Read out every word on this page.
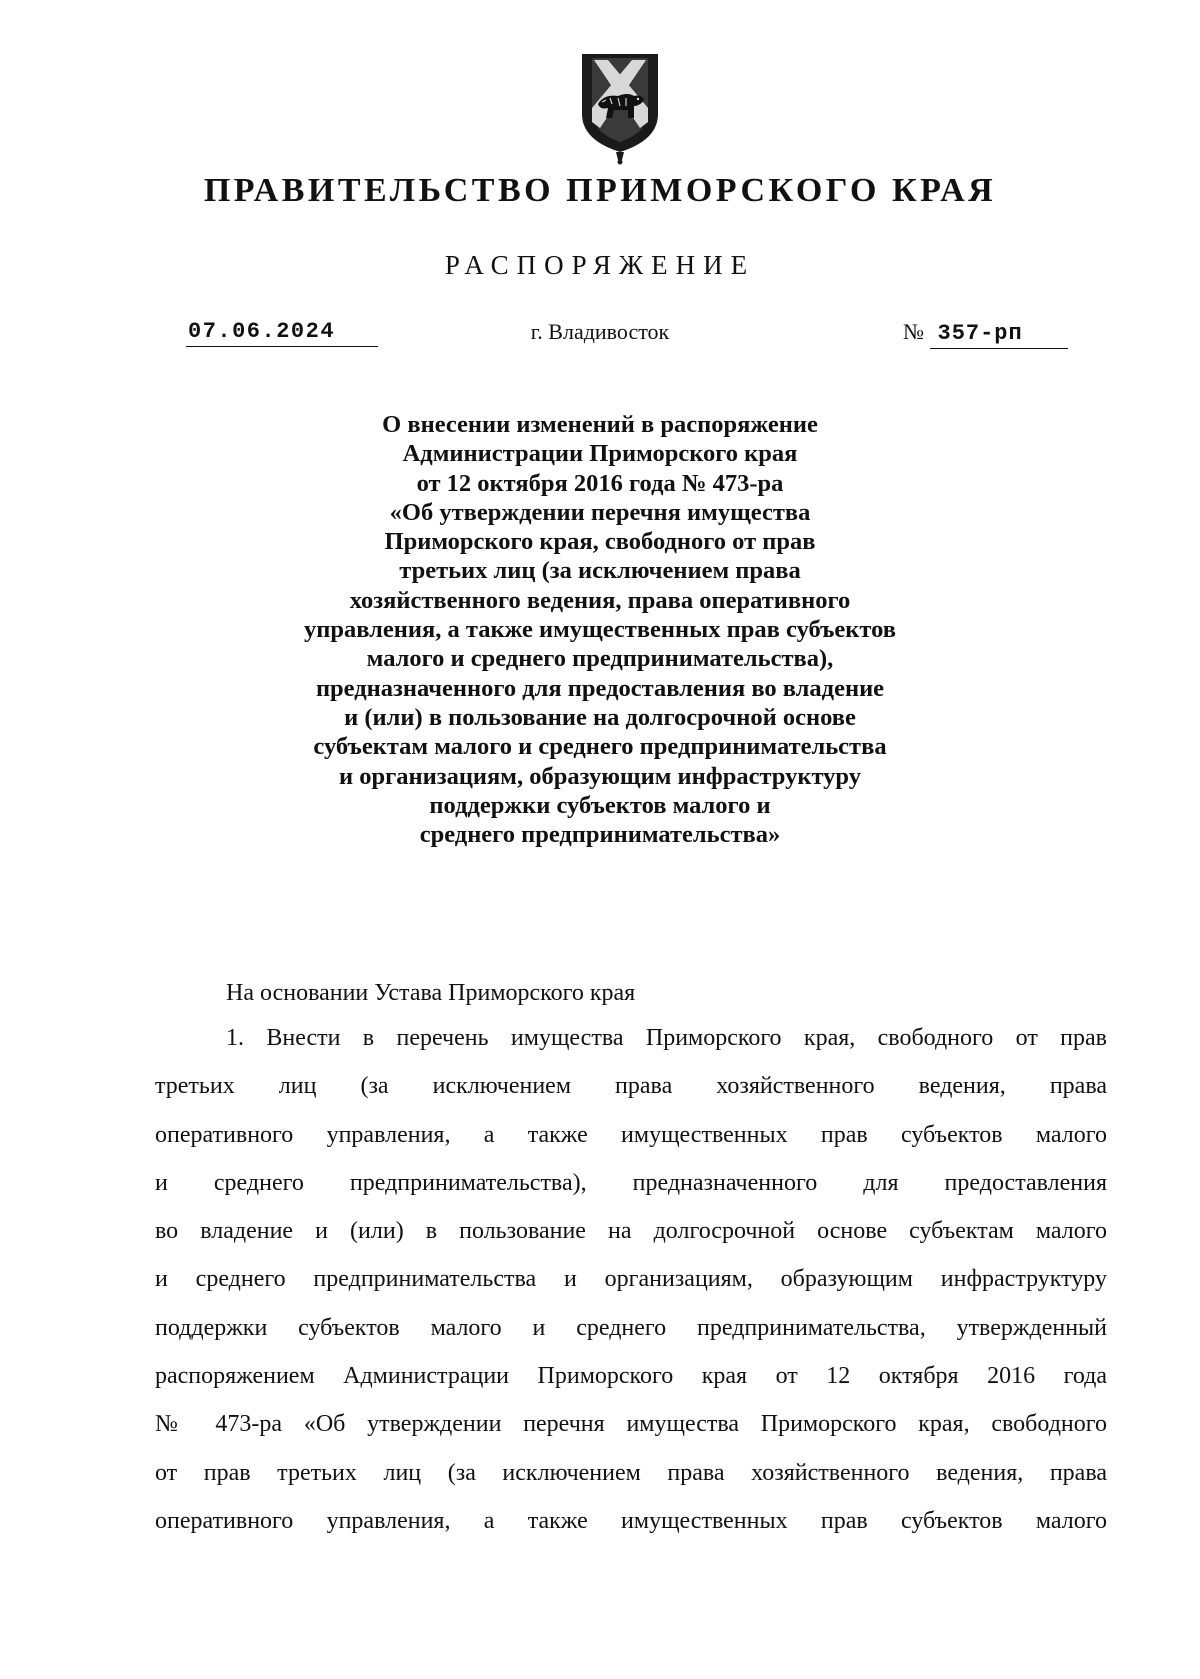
ПРАВИТЕЛЬСТВО ПРИМОРСКОГО КРАЯ
РАСПОРЯЖЕНИЕ
07.06.2024	г. Владивосток	№ 357-рп
О внесении изменений в распоряжение
Администрации Приморского края
от 12 октября 2016 года № 473-ра
«Об утверждении перечня имущества
Приморского края, свободного от прав
третьих лиц (за исключением права
хозяйственного ведения, права оперативного
управления, а также имущественных прав субъектов
малого и среднего предпринимательства),
предназначенного для предоставления во владение
и (или) в пользование на долгосрочной основе
субъектам малого и среднего предпринимательства
и организациям, образующим инфраструктуру
поддержки субъектов малого и
среднего предпринимательства»
На основании Устава Приморского края
1. Внести в перечень имущества Приморского края, свободного от прав
третьих лиц (за исключением права хозяйственного ведения, права
оперативного управления, а также имущественных прав субъектов малого
и среднего предпринимательства), предназначенного для предоставления
во владение и (или) в пользование на долгосрочной основе субъектам малого
и среднего предпринимательства и организациям, образующим инфраструктуру
поддержки субъектов малого и среднего предпринимательства, утвержденный
распоряжением Администрации Приморского края от 12 октября 2016 года
№ 473-ра «Об утверждении перечня имущества Приморского края, свободного
от прав третьих лиц (за исключением права хозяйственного ведения, права
оперативного управления, а также имущественных прав субъектов малого
